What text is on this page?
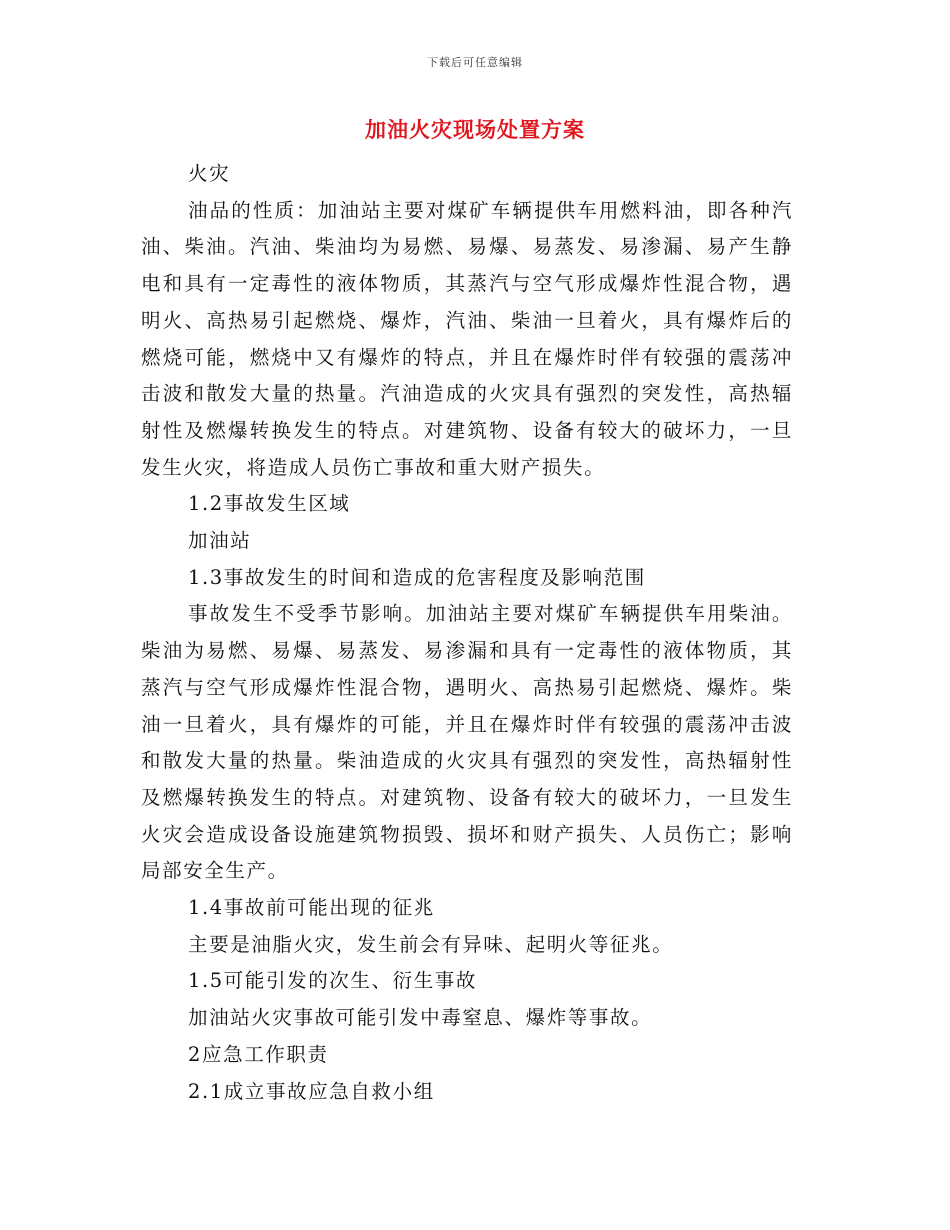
下载后可任意编辑
加油火灾现场处置方案

火灾

油品的性质：加油站主要对煤矿车辆提供车用燃料油，即各种汽油、柴油。汽油、柴油均为易燃、易爆、易蒸发、易渗漏、易产生静电和具有一定毒性的液体物质，其蒸汽与空气形成爆炸性混合物，遇明火、高热易引起燃烧、爆炸，汽油、柴油一旦着火，具有爆炸后的燃烧可能，燃烧中又有爆炸的特点，并且在爆炸时伴有较强的震荡冲击波和散发大量的热量。汽油造成的火灾具有强烈的突发性，高热辐射性及燃爆转换发生的特点。对建筑物、设备有较大的破坏力，一旦发生火灾，将造成人员伤亡事故和重大财产损失。

1.2事故发生区域

加油站

1.3事故发生的时间和造成的危害程度及影响范围

事故发生不受季节影响。加油站主要对煤矿车辆提供车用柴油。柴油为易燃、易爆、易蒸发、易渗漏和具有一定毒性的液体物质，其蒸汽与空气形成爆炸性混合物，遇明火、高热易引起燃烧、爆炸。柴油一旦着火，具有爆炸的可能，并且在爆炸时伴有较强的震荡冲击波和散发大量的热量。柴油造成的火灾具有强烈的突发性，高热辐射性及燃爆转换发生的特点。对建筑物、设备有较大的破坏力，一旦发生火灾会造成设备设施建筑物损毁、损坏和财产损失、人员伤亡；影响局部安全生产。

1.4事故前可能出现的征兆

主要是油脂火灾，发生前会有异味、起明火等征兆。

1.5可能引发的次生、衍生事故

加油站火灾事故可能引发中毒窒息、爆炸等事故。

2应急工作职责

2.1成立事故应急自救小组
